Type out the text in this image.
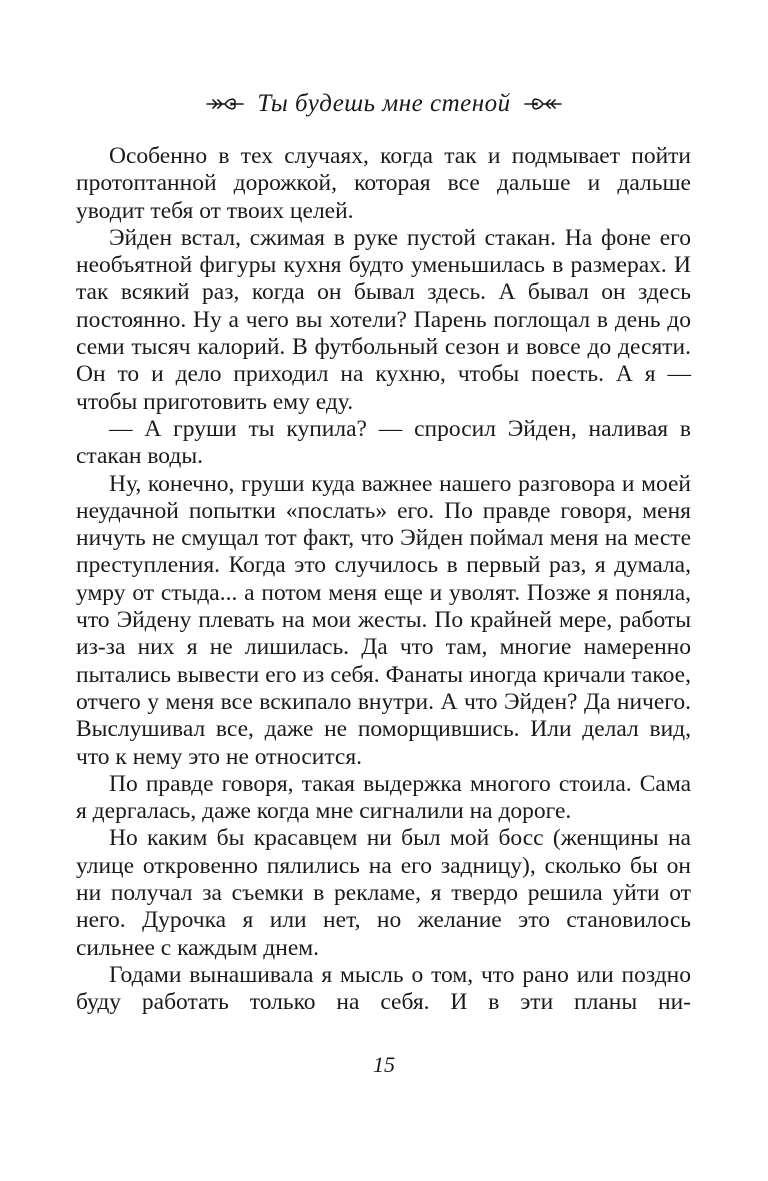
Ты будешь мне стеной

Особенно в тех случаях, когда так и подмывает пойти протоптанной дорожкой, которая все дальше и дальше уводит тебя от твоих целей.

Эйден встал, сжимая в руке пустой стакан. На фоне его необъятной фигуры кухня будто уменьшилась в размерах. И так всякий раз, когда он бывал здесь. А бывал он здесь постоянно. Ну а чего вы хотели? Парень поглощал в день до семи тысяч калорий. В футбольный сезон и вовсе до десяти. Он то и дело приходил на кухню, чтобы поесть. А я — чтобы приготовить ему еду.

— А груши ты купила? — спросил Эйден, наливая в стакан воды.

Ну, конечно, груши куда важнее нашего разговора и моей неудачной попытки «послать» его. По правде говоря, меня ничуть не смущал тот факт, что Эйден поймал меня на месте преступления. Когда это случилось в первый раз, я думала, умру от стыда... а потом меня еще и уволят. Позже я поняла, что Эйдену плевать на мои жесты. По крайней мере, работы из-за них я не лишилась. Да что там, многие намеренно пытались вывести его из себя. Фанаты иногда кричали такое, отчего у меня все вскипало внутри. А что Эйден? Да ничего. Выслушивал все, даже не поморщившись. Или делал вид, что к нему это не относится.

По правде говоря, такая выдержка многого стоила. Сама я дергалась, даже когда мне сигналили на дороге.

Но каким бы красавцем ни был мой босс (женщины на улице откровенно пялились на его задницу), сколько бы он ни получал за съемки в рекламе, я твердо решила уйти от него. Дурочка я или нет, но желание это становилось сильнее с каждым днем.

Годами вынашивала я мысль о том, что рано или поздно буду работать только на себя. И в эти планы ни-

15
